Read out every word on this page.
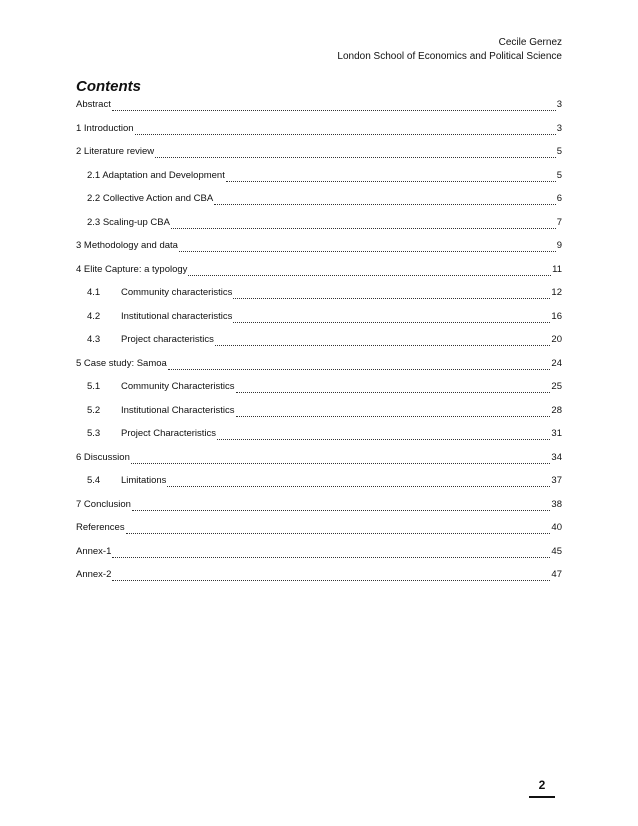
Cecile Gernez
London School of Economics and Political Science
Contents
Abstract	3
1 Introduction	3
2 Literature review	5
2.1 Adaptation and Development	5
2.2 Collective Action and CBA	6
2.3 Scaling-up CBA	7
3 Methodology and data	9
4 Elite Capture: a typology	11
4.1	Community characteristics	12
4.2	Institutional characteristics	16
4.3	Project characteristics	20
5 Case study: Samoa	24
5.1	Community Characteristics	25
5.2	Institutional Characteristics	28
5.3	Project Characteristics	31
6 Discussion	34
5.4	Limitations	37
7 Conclusion	38
References	40
Annex-1	45
Annex-2	47
2
